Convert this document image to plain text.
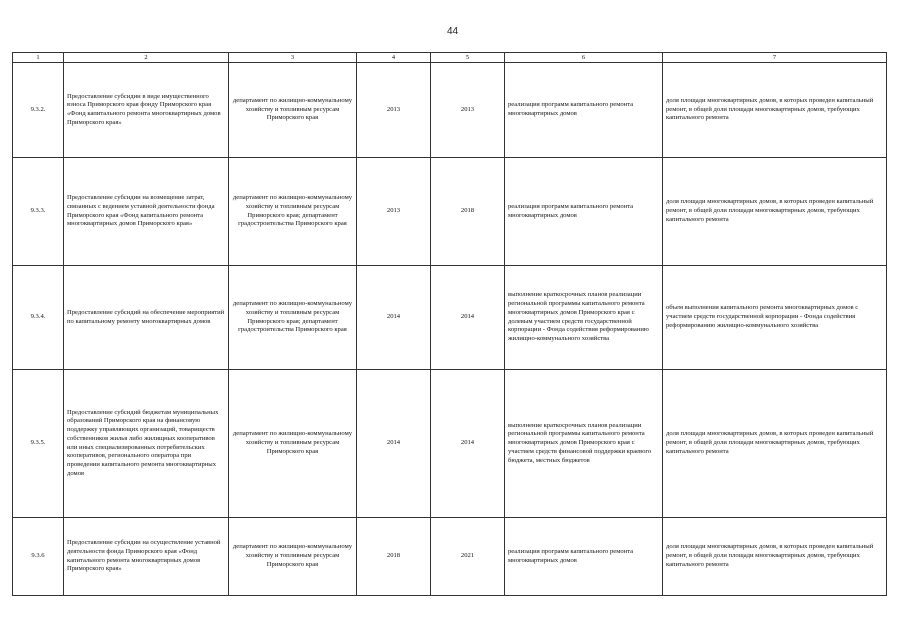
44
1	2	3	4	5	6	7
9.3.2.	Предоставление субсидии в виде имущественного взноса Приморского края фонду Приморского края «Фонд капитального ремонта многоквартирных домов Приморского края»	департамент по жилищно-коммунальному хозяйству и топливным ресурсам Приморского края	2013	2013	реализация программ капитального ремонта многоквартирных домов	доля площади многоквартирных домов, в которых проведен капитальный ремонт, в общей доли площади многоквартирных домов, требующих капитального ремонта
9.3.3.	Предоставление субсидии на возмещение затрат, связанных с ведением уставной деятельности фонда Приморского края «Фонд капитального ремонта многоквартирных домов Приморского края»	департамент по жилищно-коммунальному хозяйству и топливным ресурсам Приморского края; департамент градостроительства Приморского края	2013	2018	реализация программ капитального ремонта многоквартирных домов	доля площади многоквартирных домов, в которых проведен капитальный ремонт, в общей доли площади многоквартирных домов, требующих капитального ремонта
9.3.4.	Предоставление субсидий на обеспечение мероприятий по капитальному ремонту многоквартирных домов	департамент по жилищно-коммунальному хозяйству и топливным ресурсам Приморского края; департамент градостроительства Приморского края	2014	2014	выполнение краткосрочных планов реализации региональной программы капитального ремонта многоквартирных домов Приморского края с долевым участием средств государственной корпорации - Фонда содействия реформированию жилищно-коммунального хозяйства	объем выполнения капитального ремонта многоквартирных домов с участием средств государственной корпорации - Фонда содействия реформированию жилищно-коммунального хозяйства
9.3.5.	Предоставление субсидий бюджетам муниципальных образований Приморского края на финансовую поддержку управляющих организаций, товариществ собственников жилья либо жилищных кооперативов или иных специализированных потребительских кооперативов, регионального оператора при проведении капитального ремонта многоквартирных домов	департамент по жилищно-коммунальному хозяйству и топливным ресурсам Приморского края	2014	2014	выполнение краткосрочных планов реализации региональной программы капитального ремонта многоквартирных домов Приморского края с участием средств финансовой поддержки краевого бюджета, местных бюджетов	доля площади многоквартирных домов, в которых проведен капитальный ремонт, в общей доли площади многоквартирных домов, требующих капитального ремонта
9.3.6	Предоставление субсидии на осуществление уставной деятельности фонда Приморского края «Фонд капитального ремонта многоквартирных домов Приморского края»	департамент по жилищно-коммунальному хозяйству и топливным ресурсам Приморского края	2018	2021	реализация программ капитального ремонта многоквартирных домов	доля площади многоквартирных домов, в которых проведен капитальный ремонт, в общей доли площади многоквартирных домов, требующих капитального ремонта
